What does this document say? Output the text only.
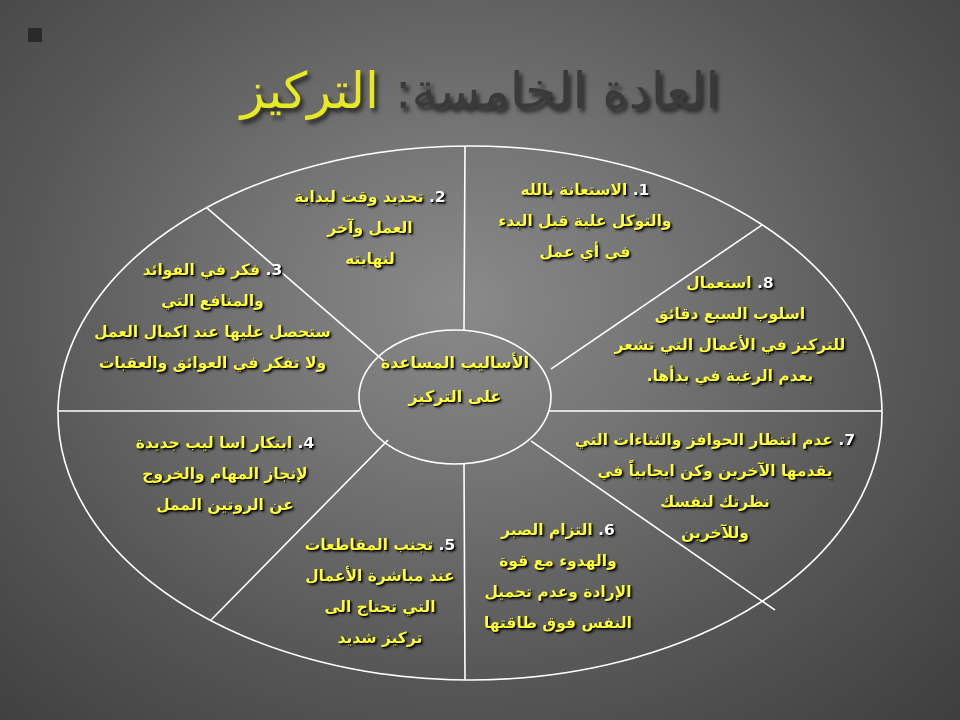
العادة الخامسة: التركيز
الأساليب المساعدة
على التركيز
1. الاستعانة بالله
والتوكل علية قبل البدء
في أي عمل
2. تحديد وقت لبداية
العمل وآخر
لنهايته
3. فكر في الفوائد
والمنافع التي
ستحصل عليها عند اكمال العمل
ولا تفكر في العوائق والعقبات
4. ابتكار اسا ليب جديدة
لإنجاز المهام والخروج
عن الروتين الممل
5. تجنب المقاطعات
عند مباشرة الأعمال
التي تحتاج الى
تركيز شديد
6. التزام الصبر
والهدوء مع قوة
الإرادة وعدم تحميل
النفس فوق طاقتها
7. عدم انتظار الحوافز والثناءات التي
يقدمها الآخرين وكن ايجابياً في
نظرتك لنفسك
وللآخرين
8. استعمال
اسلوب السبع دقائق
للتركيز في الأعمال التي تشعر
بعدم الرغبة في بدأها.
